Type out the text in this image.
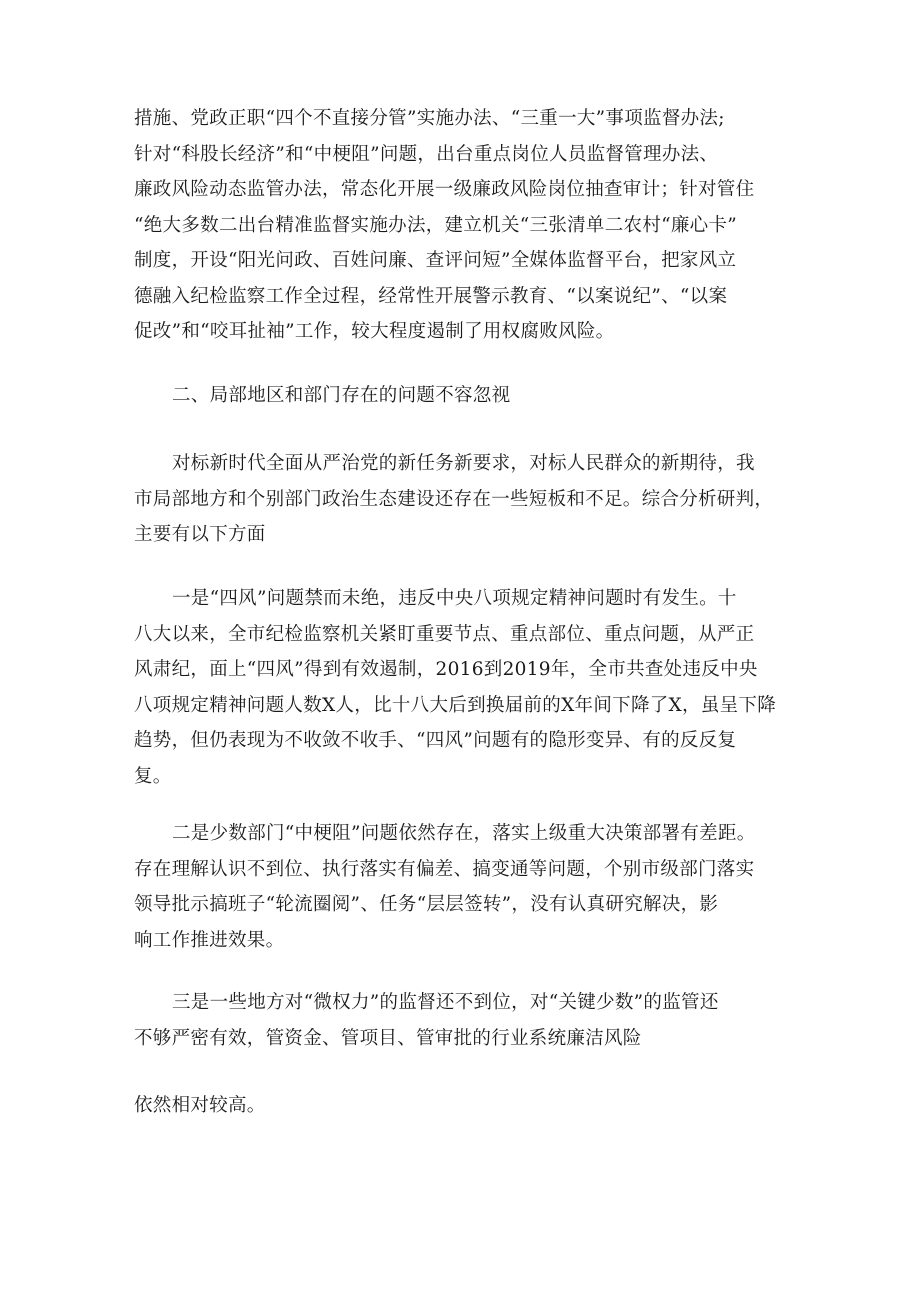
措施、党政正职“四个不直接分管”实施办法、“三重一大”事项监督办法;
针对“科股长经济”和“中梗阻”问题，出台重点岗位人员监督管理办法、
廉政风险动态监管办法，常态化开展一级廉政风险岗位抽查审计；针对管住
“绝大多数二出台精准监督实施办法，建立机关“三张清单二农村“廉心卡”
制度，开设“阳光问政、百姓问廉、查评问短”全媒体监督平台，把家风立
德融入纪检监察工作全过程，经常性开展警示教育、“以案说纪”、“以案
促改”和“咬耳扯袖”工作，较大程度遏制了用权腐败风险。
二、局部地区和部门存在的问题不容忽视
对标新时代全面从严治党的新任务新要求，对标人民群众的新期待，我
市局部地方和个别部门政治生态建设还存在一些短板和不足。综合分析研判，
主要有以下方面
一是“四风”问题禁而未绝，违反中央八项规定精神问题时有发生。十
八大以来，全市纪检监察机关紧盯重要节点、重点部位、重点问题，从严正
风肃纪，面上“四风”得到有效遏制，2016到2019年，全市共查处违反中央
八项规定精神问题人数X人，比十八大后到换届前的X年间下降了X，虽呈下降
趋势，但仍表现为不收敛不收手、“四风”问题有的隐形变异、有的反反复
复。
二是少数部门“中梗阻”问题依然存在，落实上级重大决策部署有差距。
存在理解认识不到位、执行落实有偏差、搞变通等问题，个别市级部门落实
领导批示搞班子“轮流圈阅”、任务“层层签转”，没有认真研究解决，影
响工作推进效果。
三是一些地方对“微权力”的监督还不到位，对“关键少数”的监管还
不够严密有效，管资金、管项目、管审批的行业系统廉洁风险
依然相对较高。
